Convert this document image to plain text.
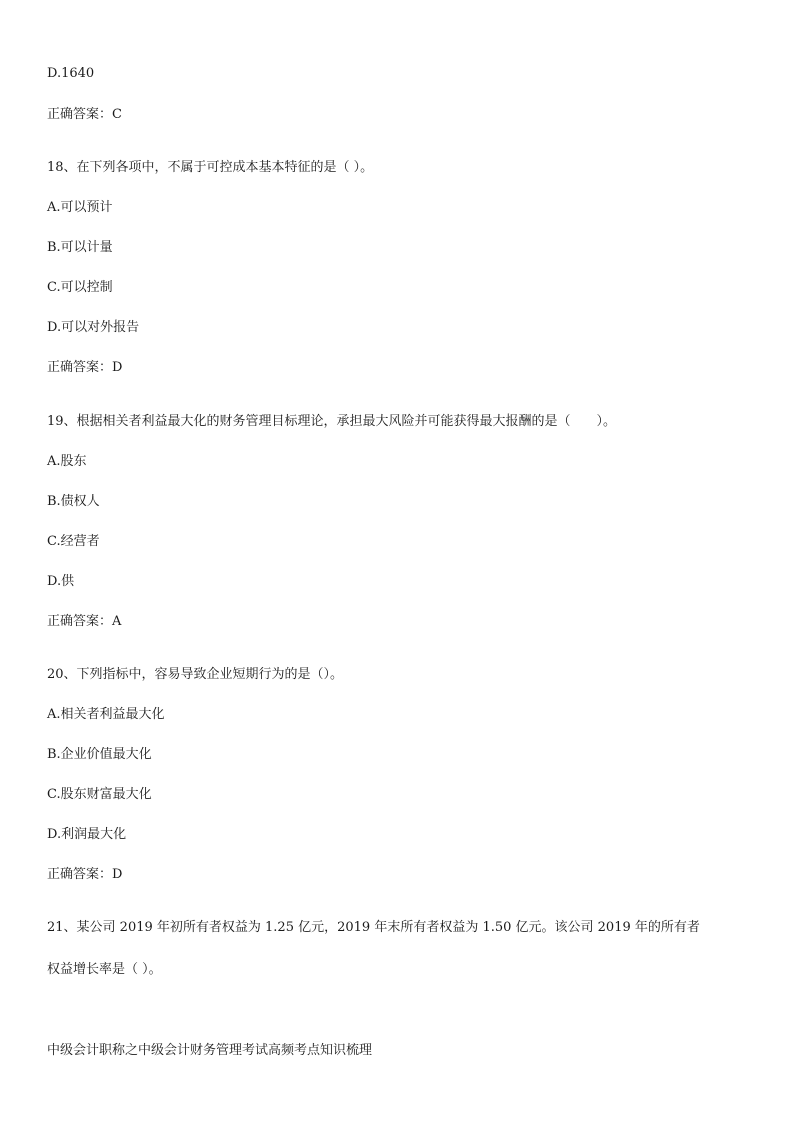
D.1640
正确答案：C
18、在下列各项中，不属于可控成本基本特征的是（ ）。
A.可以预计
B.可以计量
C.可以控制
D.可以对外报告
正确答案：D
19、根据相关者利益最大化的财务管理目标理论，承担最大风险并可能获得最大报酬的是（　　）。
A.股东
B.债权人
C.经营者
D.供
正确答案：A
20、下列指标中，容易导致企业短期行为的是（）。
A.相关者利益最大化
B.企业价值最大化
C.股东财富最大化
D.利润最大化
正确答案：D
21、某公司 2019 年初所有者权益为 1.25 亿元，2019 年末所有者权益为 1.50 亿元。该公司 2019 年的所有者
权益增长率是（ ）。
中级会计职称之中级会计财务管理考试高频考点知识梳理
